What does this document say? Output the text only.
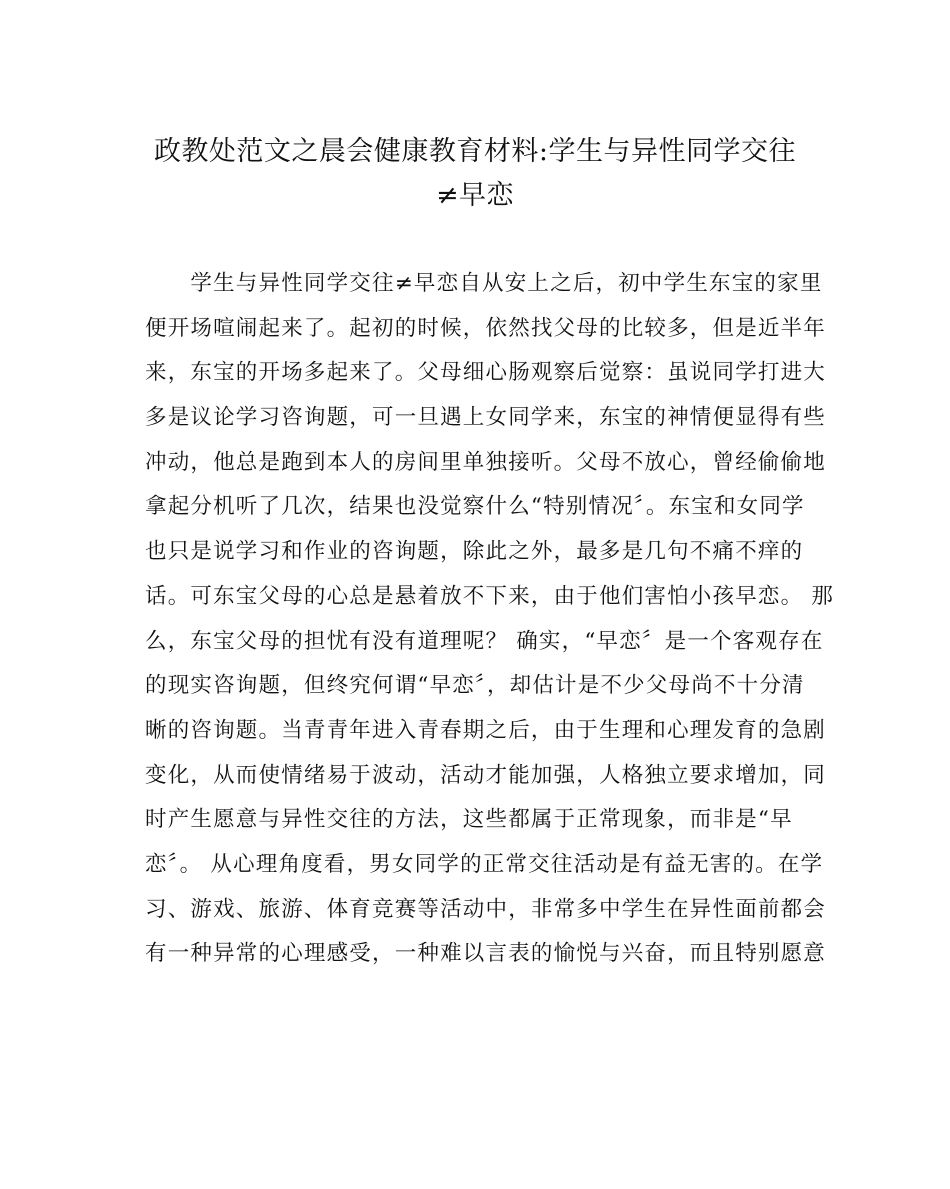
政教处范文之晨会健康教育材料:学生与异性同学交往
≠早恋
　　学生与异性同学交往≠早恋自从安上之后，初中学生东宝的家里
便开场喧闹起来了。起初的时候，依然找父母的比较多，但是近半年
来，东宝的开场多起来了。父母细心肠观察后觉察：虽说同学打进大
多是议论学习咨询题，可一旦遇上女同学来，东宝的神情便显得有些
冲动，他总是跑到本人的房间里单独接听。父母不放心，曾经偷偷地
拿起分机听了几次，结果也没觉察什么“特别情况〞。东宝和女同学
也只是说学习和作业的咨询题，除此之外，最多是几句不痛不痒的
话。可东宝父母的心总是悬着放不下来，由于他们害怕小孩早恋。 那
么，东宝父母的担忧有没有道理呢？ 确实，“早恋〞是一个客观存在
的现实咨询题，但终究何谓“早恋〞，却估计是不少父母尚不十分清
晰的咨询题。当青青年进入青春期之后，由于生理和心理发育的急剧
变化，从而使情绪易于波动，活动才能加强，人格独立要求增加，同
时产生愿意与异性交往的方法，这些都属于正常现象，而非是“早
恋〞。 从心理角度看，男女同学的正常交往活动是有益无害的。在学
习、游戏、旅游、体育竞赛等活动中，非常多中学生在异性面前都会
有一种异常的心理感受，一种难以言表的愉悦与兴奋，而且特别愿意
